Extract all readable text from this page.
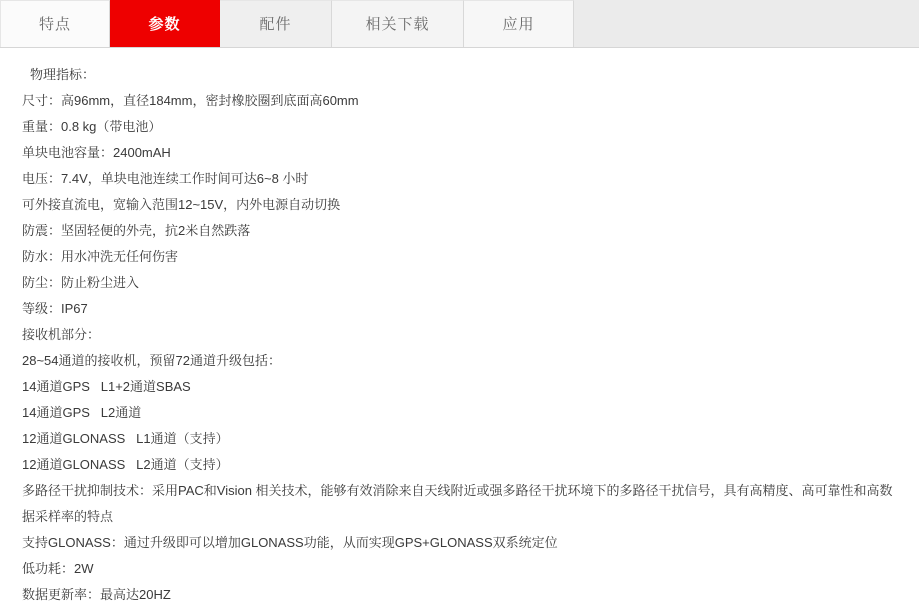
特点	参数	配件	相关下载	应用
物理指标：
尺寸：高96mm，直径184mm，密封橡胶圈到底面高60mm
重量：0.8 kg（带电池）
单块电池容量：2400mAH
电压：7.4V，单块电池连续工作时间可达6~8 小时
可外接直流电，宽输入范围12~15V，内外电源自动切换
防震：坚固轻便的外壳，抗2米自然跌落
防水：用水冲洗无任何伤害
防尘：防止粉尘进入
等级：IP67
接收机部分：
28~54通道的接收机，预留72通道升级包括：
14通道GPS   L1+2通道SBAS
14通道GPS   L2通道
12通道GLONASS   L1通道（支持）
12通道GLONASS   L2通道（支持）
多路径干扰抑制技术：采用PAC和Vision 相关技术，能够有效消除来自天线附近或强多路径干扰环境下的多路径干扰信号，具有高精度、高可靠性和高数据采样率的特点
支持GLONASS：通过升级即可以增加GLONASS功能，从而实现GPS+GLONASS双系统定位
低功耗：2W
数据更新率：最高达20HZ
